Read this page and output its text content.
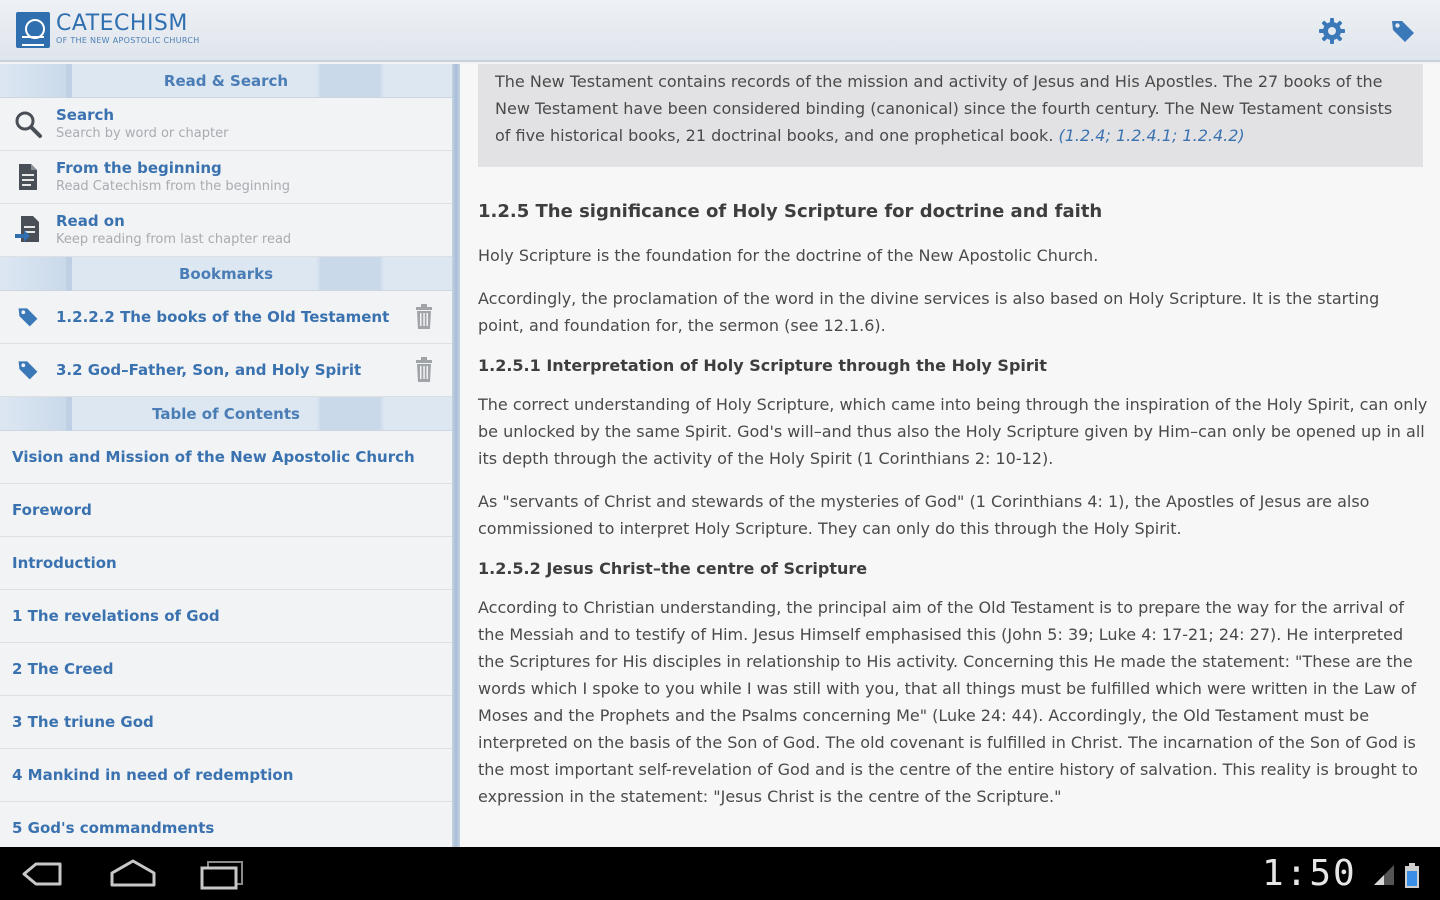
CATECHISM
OF THE NEW APOSTOLIC CHURCH
Read & Search
Search
Search by word or chapter
From the beginning
Read Catechism from the beginning
Read on
Keep reading from last chapter read
Bookmarks
1.2.2.2 The books of the Old Testament
3.2 God–Father, Son, and Holy Spirit
Table of Contents
Vision and Mission of the New Apostolic Church
Foreword
Introduction
1 The revelations of God
2 The Creed
3 The triune God
4 Mankind in need of redemption
5 God's commandments
The New Testament contains records of the mission and activity of Jesus and His Apostles. The 27 books of the New Testament have been considered binding (canonical) since the fourth century. The New Testament consists of five historical books, 21 doctrinal books, and one prophetical book. (1.2.4; 1.2.4.1; 1.2.4.2)
1.2.5 The significance of Holy Scripture for doctrine and faith
Holy Scripture is the foundation for the doctrine of the New Apostolic Church.
Accordingly, the proclamation of the word in the divine services is also based on Holy Scripture. It is the starting point, and foundation for, the sermon (see 12.1.6).
1.2.5.1 Interpretation of Holy Scripture through the Holy Spirit
The correct understanding of Holy Scripture, which came into being through the inspiration of the Holy Spirit, can only be unlocked by the same Spirit. God's will–and thus also the Holy Scripture given by Him–can only be opened up in all its depth through the activity of the Holy Spirit (1 Corinthians 2: 10-12).
As "servants of Christ and stewards of the mysteries of God" (1 Corinthians 4: 1), the Apostles of Jesus are also commissioned to interpret Holy Scripture. They can only do this through the Holy Spirit.
1.2.5.2 Jesus Christ–the centre of Scripture
According to Christian understanding, the principal aim of the Old Testament is to prepare the way for the arrival of the Messiah and to testify of Him. Jesus Himself emphasised this (John 5: 39; Luke 4: 17-21; 24: 27). He interpreted the Scriptures for His disciples in relationship to His activity. Concerning this He made the statement: "These are the words which I spoke to you while I was still with you, that all things must be fulfilled which were written in the Law of Moses and the Prophets and the Psalms concerning Me" (Luke 24: 44). Accordingly, the Old Testament must be interpreted on the basis of the Son of God. The old covenant is fulfilled in Christ. The incarnation of the Son of God is the most important self-revelation of God and is the centre of the entire history of salvation. This reality is brought to expression in the statement: "Jesus Christ is the centre of the Scripture."
1:50
